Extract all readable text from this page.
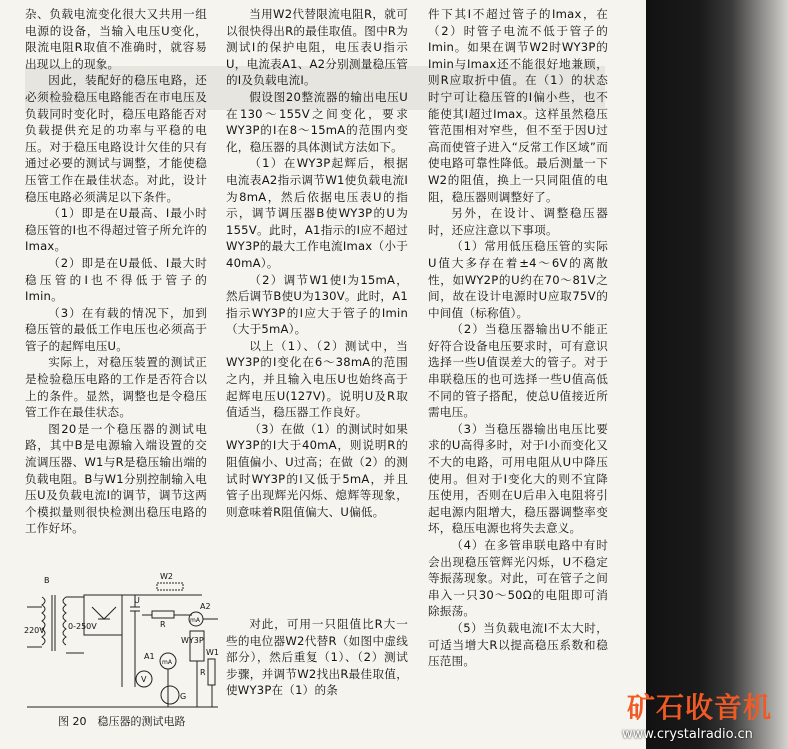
杂、负载电流变化很大又共用一组电源的设备，当输入电压U变化，限流电阻R取值不准确时，就容易出现以上的现象。

因此，装配好的稳压电路，还必须检验稳压电路能否在市电压及负载同时变化时，稳压电路能否对负载提供充足的功率与平稳的电压。对于稳压电路设计欠佳的只有通过必要的测试与调整，才能使稳压管工作在最佳状态。对此，设计稳压电路必须满足以下条件。

（1）即是在U最高、I最小时稳压管的I也不得超过管子所允许的Imax。

（2）即是在U最低、I最大时稳压管的I也不得低于管子的Imin。

（3）在有载的情况下，加到稳压管的最低工作电压也必须高于管子的起辉电压U。

实际上，对稳压装置的测试正是检验稳压电路的工作是否符合以上的条件。显然，调整也是令稳压管工作在最佳状态。

图20是一个稳压器的测试电路，其中B是电源输入端设置的交流调压器、W1与R是稳压输出端的负载电阻。B与W1分别控制输入电压U及负载电流I的调节，调节这两个模拟量则很快检测出稳压电路的工作好坏。

当用W2代替限流电阻R，就可以很快得出R的最佳取值。图中R为测试I的保护电阻，电压表U指示U，电流表A1、A2分别测量稳压管的I及负载电流I。

假设图20整流器的输出电压U在130～155V之间变化，要求WY3P的I在8～15mA的范围内变化，稳压器的具体测试方法如下。

（1）在WY3P起辉后，根据电流表A2指示调节W1使负载电流I为8mA，然后依据电压表U的指示，调节调压器B使WY3P的U为155V。此时，A1指示的I应不超过WY3P的最大工作电流Imax（小于40mA）。

（2）调节W1使I为15mA，然后调节B使U为130V。此时，A1指示WY3P的I应大于管子的Imin（大于5mA）。

以上（1）、（2）测试中，当WY3P的I变化在6～38mA的范围之内，并且输入电压U也始终高于起辉电压U(127V)。说明U及R取值适当，稳压器工作良好。

（3）在做（1）的测试时如果WY3P的I大于40mA，则说明R的阻值偏小、U过高；在做（2）的测试时WY3P的I又低于5mA，并且管子出现辉光闪烁、熄辉等现象，则意味着R阻值偏大、U偏低。

对此，可用一只阻值比R大一些的电位器W2代替R（如图中虚线部分），然后重复（1）、（2）测试步骤，并调节W2找出R最佳取值，使WY3P在（1）的条

件下其I不超过管子的Imax，在（2）时管子电流不低于管子的Imin。如果在调节W2时WY3P的Imin与Imax还不能很好地兼顾，则R应取折中值。在（1）的状态时宁可让稳压管的I偏小些，也不能使其I超过Imax。这样虽然稳压管范围相对窄些，但不至于因U过高而使管子进入“反常工作区域”而使电路可靠性降低。最后测量一下W2的阻值，换上一只同阻值的电阻，稳压器则调整好了。

另外，在设计、调整稳压器时，还应注意以下事项。

（1）常用低压稳压管的实际U值大多存在着±4～6V的离散性，如WY2P的U约在70～81V之间，故在设计电源时U应取75V的中间值（标称值）。

（2）当稳压器输出U不能正好符合设备电压要求时，可有意识选择一些U值误差大的管子。对于串联稳压的也可选择一些U值高低不同的管子搭配，使总U值接近所需电压。

（3）当稳压器输出电压比要求的U高得多时，对于I小而变化又不大的电路，可用电阻从U中降压使用。但对于I变化大的则不宜降压使用，否则在U后串入电阻将引起电源内阻增大，稳压器调整率变坏，稳压电源也将失去意义。

（4）在多管串联电路中有时会出现稳压管辉光闪烁，U不稳定等振荡现象。对此，可在管子之间串入一只30～50Ω的电阻即可消除振荡。

（5）当负载电流I不太大时，可适当增大R以提高稳压系数和稳压范围。

B
220V	0-250V
W2
R
U
A2
mA
WY3P
A1
mA
R
W1
V
G
图 20　稳压器的测试电路	矿石收音机
www.crystalradio.cn
